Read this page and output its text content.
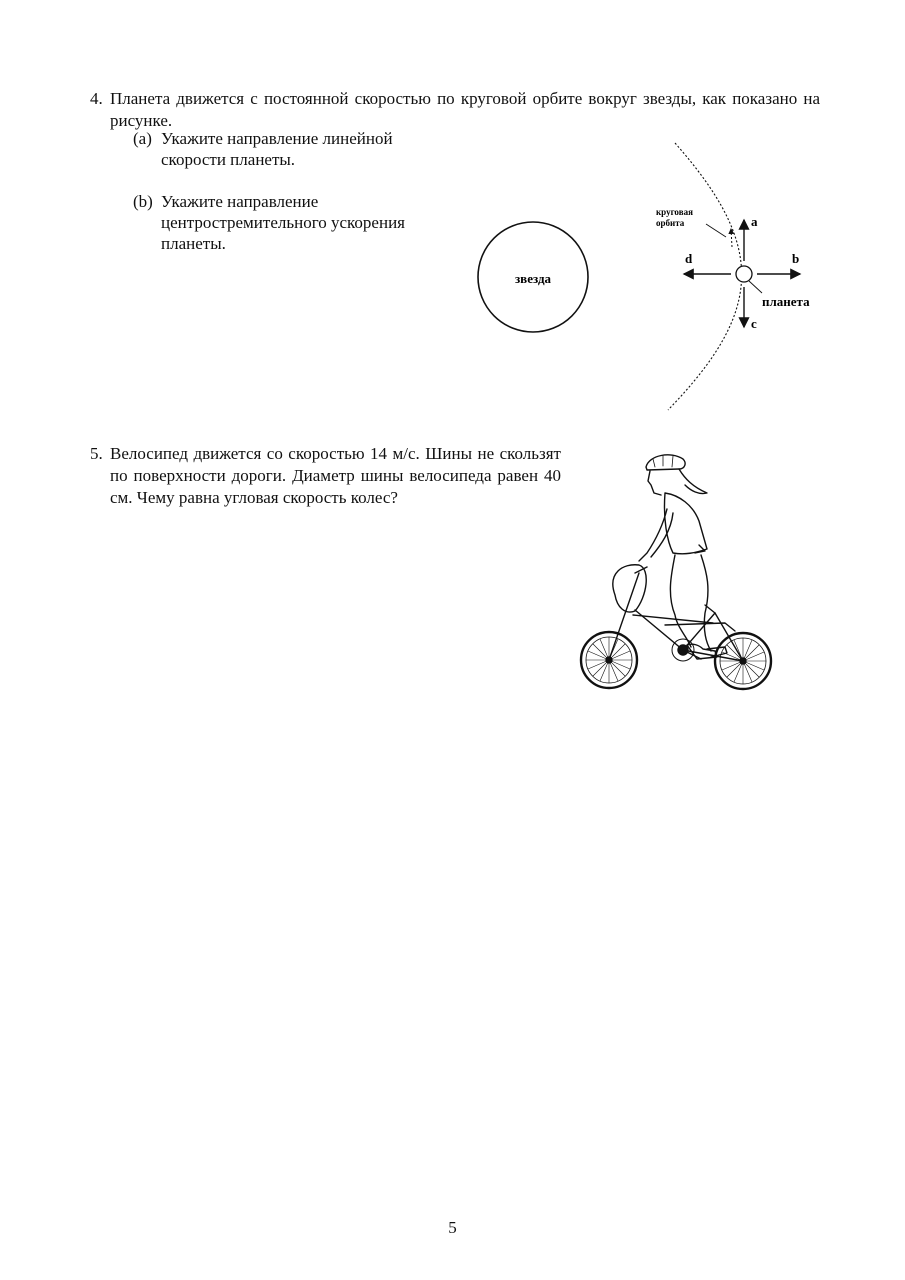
4. Планета движется с постоянной скоростью по круговой орбите вокруг звезды, как показано на рисунке.
(a) Укажите направление линейной скорости планеты.
(b) Укажите направление центростремительного ускорения планеты.
звезда
круговая
орбита	a
b
c
d
планета
5. Велосипед движется со скоростью 14 м/с. Шины не скользят по поверхности дороги. Диаметр шины велосипеда равен 40 см. Чему равна угловая скорость колес?
5
